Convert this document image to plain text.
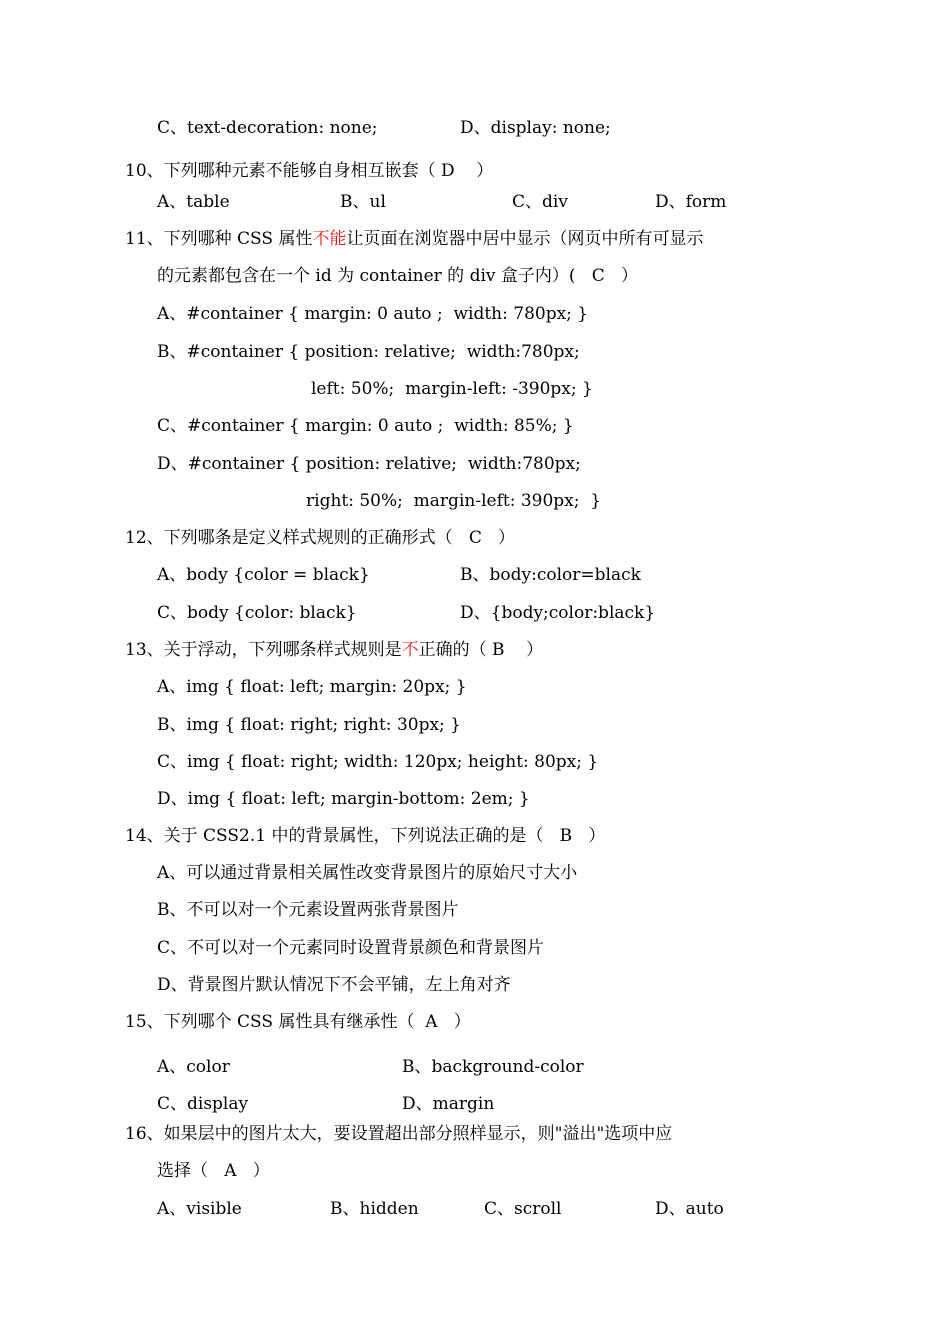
C、text-decoration: none;	D、display: none;
10、下列哪种元素不能够自身相互嵌套（ D    ）
A、table	B、ul	C、div	D、form
11、下列哪种 CSS 属性不能让页面在浏览器中居中显示（网页中所有可显示
的元素都包含在一个 id 为 container 的 div 盒子内）(   C   ）
A、#container { margin: 0 auto ;  width: 780px; }
B、#container { position: relative;  width:780px;
left: 50%;  margin-left: -390px; }
C、#container { margin: 0 auto ;  width: 85%; }
D、#container { position: relative;  width:780px;
right: 50%;  margin-left: 390px;  }
12、下列哪条是定义样式规则的正确形式（   C   ）
A、body {color = black}	B、body:color=black
C、body {color: black}	D、{body;color:black}
13、关于浮动，下列哪条样式规则是不正确的（ B    ）
A、img { float: left; margin: 20px; }
B、img { float: right; right: 30px; }
C、img { float: right; width: 120px; height: 80px; }
D、img { float: left; margin-bottom: 2em; }
14、关于 CSS2.1 中的背景属性，下列说法正确的是（   B   ）
A、可以通过背景相关属性改变背景图片的原始尺寸大小
B、不可以对一个元素设置两张背景图片
C、不可以对一个元素同时设置背景颜色和背景图片
D、背景图片默认情况下不会平铺，左上角对齐
15、下列哪个 CSS 属性具有继承性（  A   ）
A、color	B、background-color
C、display	D、margin
16、如果层中的图片太大，要设置超出部分照样显示，则"溢出"选项中应
选择（   A   ）
A、visible	B、hidden	C、scroll	D、auto
